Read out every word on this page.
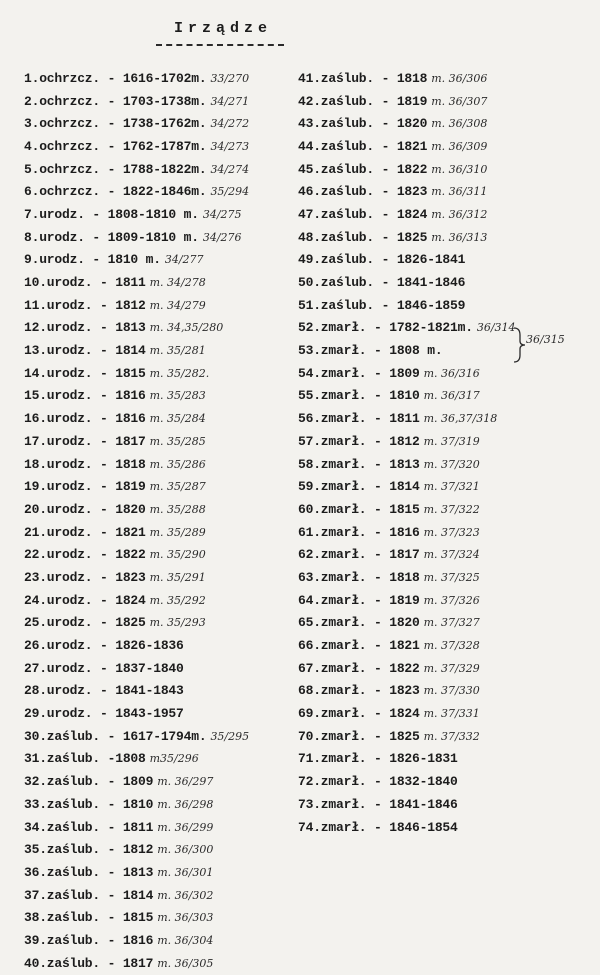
Irządze
1.ochrzcz. - 1616-1702m. 33/270
2.ochrzcz. - 1703-1738m. 34/271
3.ochrzcz. - 1738-1762m. 34/272
4.ochrzcz. - 1762-1787m. 34/273
5.ochrzcz. - 1788-1822m. 34/274
6.ochrzcz. - 1822-1846m. 35/294
7.urodz. - 1808-1810 m. 34/275
8.urodz. - 1809-1810 m. 34/276
9.urodz. - 1810 m. 34/277
10.urodz. - 1811 m. 34/278
11.urodz. - 1812 m. 34/279
12.urodz. - 1813 m. 34,35/280
13.urodz. - 1814 m. 35/281
14.urodz. - 1815 m. 35/282.
15.urodz. - 1816 m. 35/283
16.urodz. - 1816 m. 35/284
17.urodz. - 1817 m. 35/285
18.urodz. - 1818 m. 35/286
19.urodz. - 1819 m. 35/287
20.urodz. - 1820 m. 35/288
21.urodz. - 1821 m. 35/289
22.urodz. - 1822 m. 35/290
23.urodz. - 1823 m. 35/291
24.urodz. - 1824 m. 35/292
25.urodz. - 1825 m. 35/293
26.urodz. - 1826-1836
27.urodz. - 1837-1840
28.urodz. - 1841-1843
29.urodz. - 1843-1957
30.zaślub. - 1617-1794m. 35/295
31.zaślub. -1808 m35/296
32.zaślub. - 1809 m. 36/297
33.zaślub. - 1810 m. 36/298
34.zaślub. - 1811 m. 36/299
35.zaślub. - 1812 m. 36/300
36.zaślub. - 1813 m. 36/301
37.zaślub. - 1814 m. 36/302
38.zaślub. - 1815 m. 36/303
39.zaślub. - 1816 m. 36/304
40.zaślub. - 1817 m. 36/305
41.zaślub. - 1818 m. 36/306
42.zaślub. - 1819 m. 36/307
43.zaślub. - 1820 m. 36/308
44.zaślub. - 1821 m. 36/309
45.zaślub. - 1822 m. 36/310
46.zaślub. - 1823 m. 36/311
47.zaślub. - 1824 m. 36/312
48.zaślub. - 1825 m. 36/313
49.zaślub. - 1826-1841
50.zaślub. - 1841-1846
51.zaślub. - 1846-1859
52.zmarł. - 1782-1821m. 36/314
53.zmarł. - 1808 m.
54.zmarł. - 1809 m. 36/316
55.zmarł. - 1810 m. 36/317
56.zmarł. - 1811 m. 36,37/318
57.zmarł. - 1812 m. 37/319
58.zmarł. - 1813 m. 37/320
59.zmarł. - 1814 m. 37/321
60.zmarł. - 1815 m. 37/322
61.zmarł. - 1816 m. 37/323
62.zmarł. - 1817 m. 37/324
63.zmarł. - 1818 m. 37/325
64.zmarł. - 1819 m. 37/326
65.zmarł. - 1820 m. 37/327
66.zmarł. - 1821 m. 37/328
67.zmarł. - 1822 m. 37/329
68.zmarł. - 1823 m. 37/330
69.zmarł. - 1824 m. 37/331
70.zmarł. - 1825 m. 37/332
71.zmarł. - 1826-1831
72.zmarł. - 1832-1840
73.zmarł. - 1841-1846
74.zmarł. - 1846-1854
36/315
